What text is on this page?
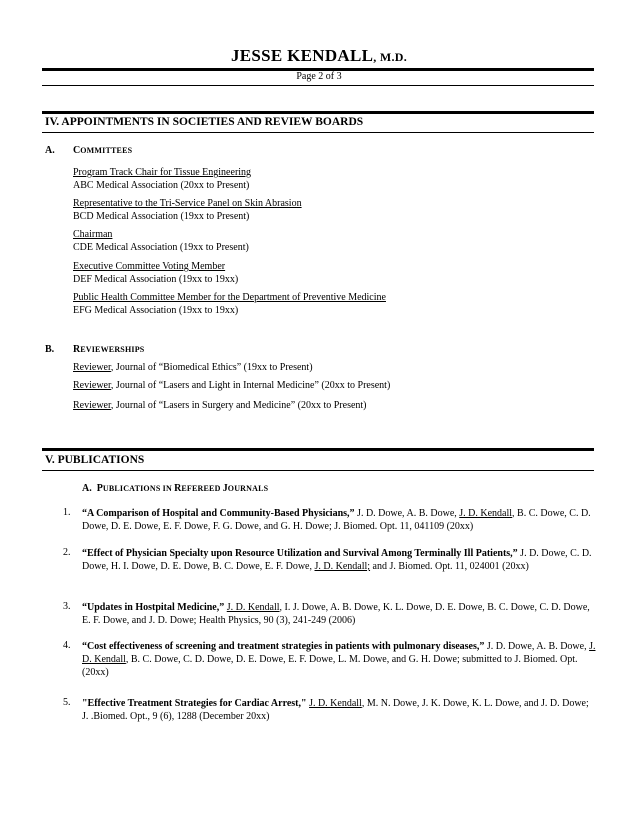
JESSE KENDALL, M.D.
Page 2 of 3
IV. APPOINTMENTS IN SOCIETIES AND REVIEW BOARDS
A. COMMITTEES
Program Track Chair for Tissue Engineering
ABC Medical Association (20xx to Present)
Representative to the Tri-Service Panel on Skin Abrasion
BCD Medical Association (19xx to Present)
Chairman
CDE Medical Association (19xx to Present)
Executive Committee Voting Member
DEF Medical Association (19xx to 19xx)
Public Health Committee Member for the Department of Preventive Medicine
EFG Medical Association (19xx to 19xx)
B. REVIEWERSHIPS
Reviewer, Journal of “Biomedical Ethics” (19xx to Present)
Reviewer, Journal of “Lasers and Light in Internal Medicine” (20xx to Present)
Reviewer, Journal of “Lasers in Surgery and Medicine” (20xx to Present)
V. PUBLICATIONS
A. PUBLICATIONS IN REFEREED JOURNALS
1. “A Comparison of Hospital and Community-Based Physicians,” J. D. Dowe, A. B. Dowe, J. D. Kendall, B. C. Dowe, C. D. Dowe, D. E. Dowe, E. F. Dowe, F. G. Dowe, and G. H. Dowe; J. Biomed. Opt. 11, 041109 (20xx)
2. “Effect of Physician Specialty upon Resource Utilization and Survival Among Terminally Ill Patients,” J. D. Dowe, C. D. Dowe, H. I. Dowe, D. E. Dowe, B. C. Dowe, E. F. Dowe, J. D. Kendall; and J. Biomed. Opt. 11, 024001 (20xx)
3. “Updates in Hostpital Medicine,” J. D. Kendall, I. J. Dowe, A. B. Dowe, K. L. Dowe, D. E. Dowe, B. C. Dowe, C. D. Dowe, E. F. Dowe, and J. D. Dowe; Health Physics, 90 (3), 241-249 (2006)
4. “Cost effectiveness of screening and treatment strategies in patients with pulmonary diseases,” J. D. Dowe, A. B. Dowe, J. D. Kendall, B. C. Dowe, C. D. Dowe, D. E. Dowe, E. F. Dowe, L. M. Dowe, and G. H. Dowe; submitted to J. Biomed. Opt. (20xx)
5. "Effective Treatment Strategies for Cardiac Arrest," J. D. Kendall, M. N. Dowe, J. K. Dowe, K. L. Dowe, and J. D. Dowe; J. .Biomed. Opt., 9 (6), 1288 (December 20xx)
